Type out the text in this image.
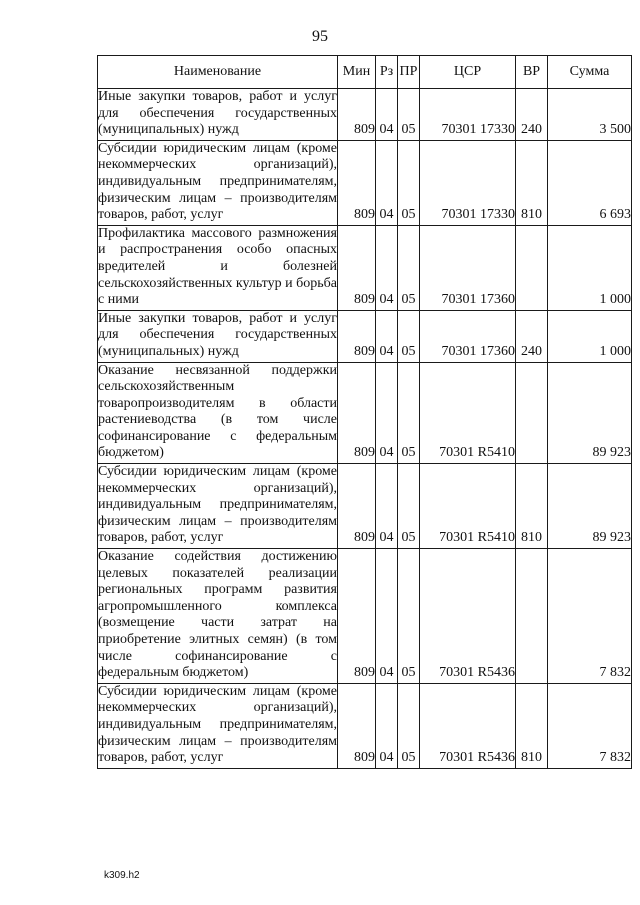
95
Наименование	Мин	Рз	ПР	ЦСР	ВР	Сумма
Иные закупки товаров, работ и услуг для обеспечения государственных (муниципальных) нужд	809	04	05	70301 17330	240	3 500
Субсидии юридическим лицам (кроме некоммерческих организаций), индивидуальным предпринимателям, физическим лицам – производителям товаров, работ, услуг	809	04	05	70301 17330	810	6 693
Профилактика массового размножения и распространения особо опасных вредителей и болезней сельскохозяйственных культур и борьба с ними	809	04	05	70301 17360		1 000
Иные закупки товаров, работ и услуг для обеспечения государственных (муниципальных) нужд	809	04	05	70301 17360	240	1 000
Оказание несвязанной поддержки сельскохозяйственным товаропроизводителям в области растениеводства (в том числе софинансирование с федеральным бюджетом)	809	04	05	70301 R5410		89 923
Субсидии юридическим лицам (кроме некоммерческих организаций), индивидуальным предпринимателям, физическим лицам – производителям товаров, работ, услуг	809	04	05	70301 R5410	810	89 923
Оказание содействия достижению целевых показателей реализации региональных программ развития агропромышленного комплекса (возмещение части затрат на приобретение элитных семян) (в том числе софинансирование с федеральным бюджетом)	809	04	05	70301 R5436		7 832
Субсидии юридическим лицам (кроме некоммерческих организаций), индивидуальным предпринимателям, физическим лицам – производителям товаров, работ, услуг	809	04	05	70301 R5436	810	7 832
k309.h2
